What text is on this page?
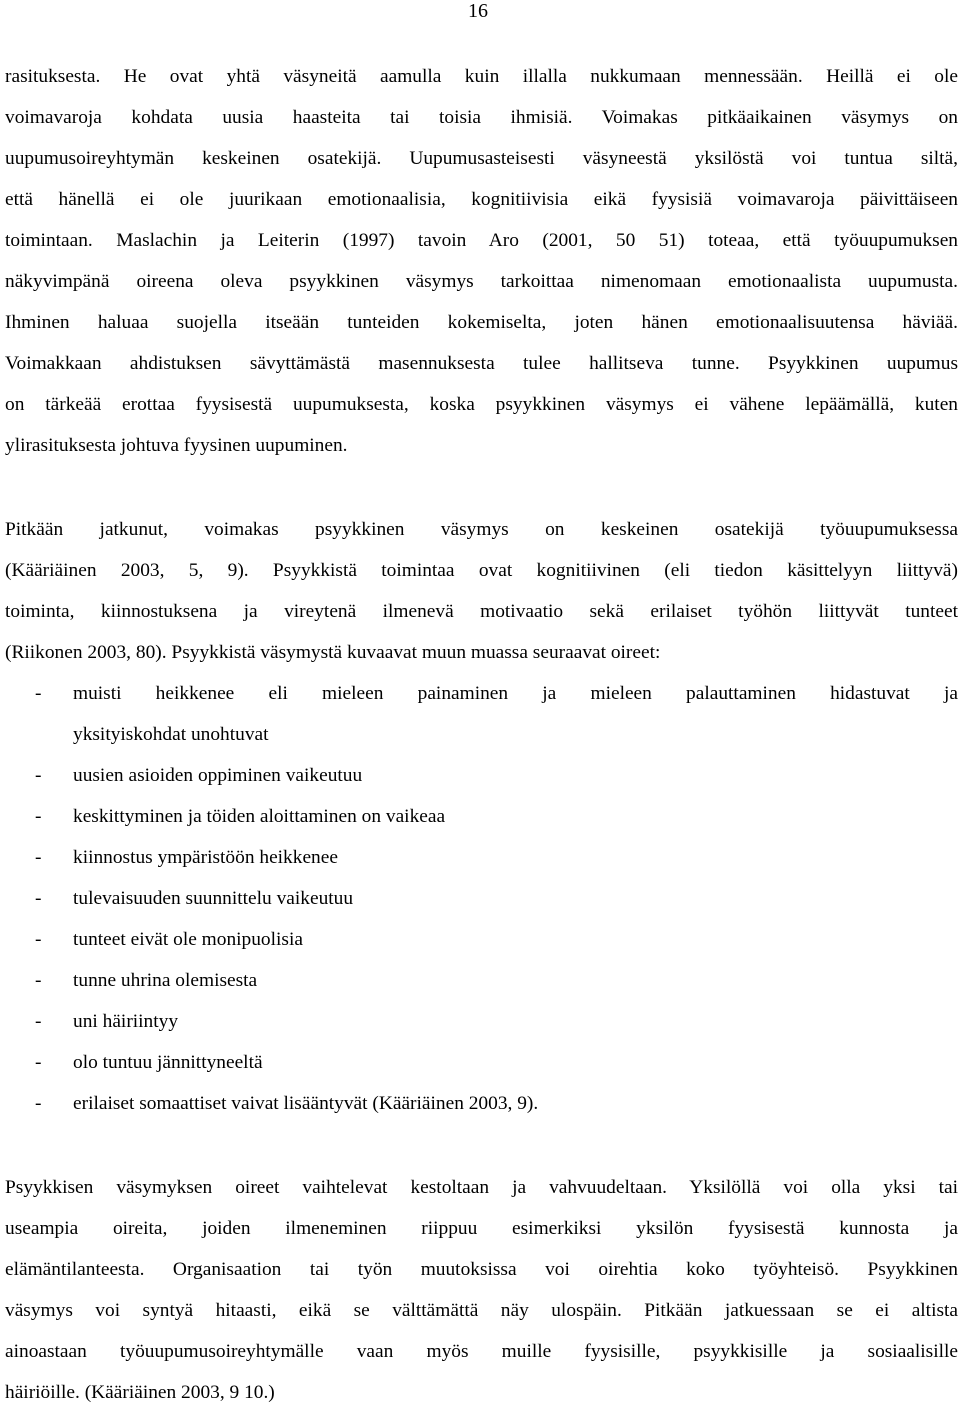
16
rasituksesta. He ovat yhtä väsyneitä aamulla kuin illalla nukkumaan mennessään. Heillä ei ole
voimavaroja kohdata uusia haasteita tai toisia ihmisiä. Voimakas pitkäaikainen väsymys on
uupumusoireyhtymän keskeinen osatekijä. Uupumusasteisesti väsyneestä yksilöstä voi tuntua siltä,
että hänellä ei ole juurikaan emotionaalisia, kognitiivisia eikä fyysisiä voimavaroja päivittäiseen
toimintaan. Maslachin ja Leiterin (1997) tavoin Aro (2001, 50 51) toteaa, että työuupumuksen
näkyvimpänä oireena oleva psyykkinen väsymys tarkoittaa nimenomaan emotionaalista uupumusta.
Ihminen haluaa suojella itseään tunteiden kokemiselta, joten hänen emotionaalisuutensa häviää.
Voimakkaan ahdistuksen sävyttämästä masennuksesta tulee hallitseva tunne. Psyykkinen uupumus
on tärkeää erottaa fyysisestä uupumuksesta, koska psyykkinen väsymys ei vähene lepäämällä, kuten
ylirasituksesta johtuva fyysinen uupuminen.
Pitkään jatkunut, voimakas psyykkinen väsymys on keskeinen osatekijä työuupumuksessa
(Kääriäinen 2003, 5, 9). Psyykkistä toimintaa ovat kognitiivinen (eli tiedon käsittelyyn liittyvä)
toiminta, kiinnostuksena ja vireytenä ilmenevä motivaatio sekä erilaiset työhön liittyvät tunteet
(Riikonen 2003, 80). Psyykkistä väsymystä kuvaavat muun muassa seuraavat oireet:
- muisti heikkenee eli mieleen painaminen ja mieleen palauttaminen hidastuvat ja
yksityiskohdat unohtuvat
- uusien asioiden oppiminen vaikeutuu
- keskittyminen ja töiden aloittaminen on vaikeaa
- kiinnostus ympäristöön heikkenee
- tulevaisuuden suunnittelu vaikeutuu
- tunteet eivät ole monipuolisia
- tunne uhrina olemisesta
- uni häiriintyy
- olo tuntuu jännittyneeltä
- erilaiset somaattiset vaivat lisääntyvät (Kääriäinen 2003, 9).
Psyykkisen väsymyksen oireet vaihtelevat kestoltaan ja vahvuudeltaan. Yksilöllä voi olla yksi tai
useampia oireita, joiden ilmeneminen riippuu esimerkiksi yksilön fyysisestä kunnosta ja
elämäntilanteesta. Organisaation tai työn muutoksissa voi oirehtia koko työyhteisö. Psyykkinen
väsymys voi syntyä hitaasti, eikä se välttämättä näy ulospäin. Pitkään jatkuessaan se ei altista
ainoastaan työuupumusoireyhtymälle vaan myös muille fyysisille, psyykkisille ja sosiaalisille
häiriöille. (Kääriäinen 2003, 9 10.)
